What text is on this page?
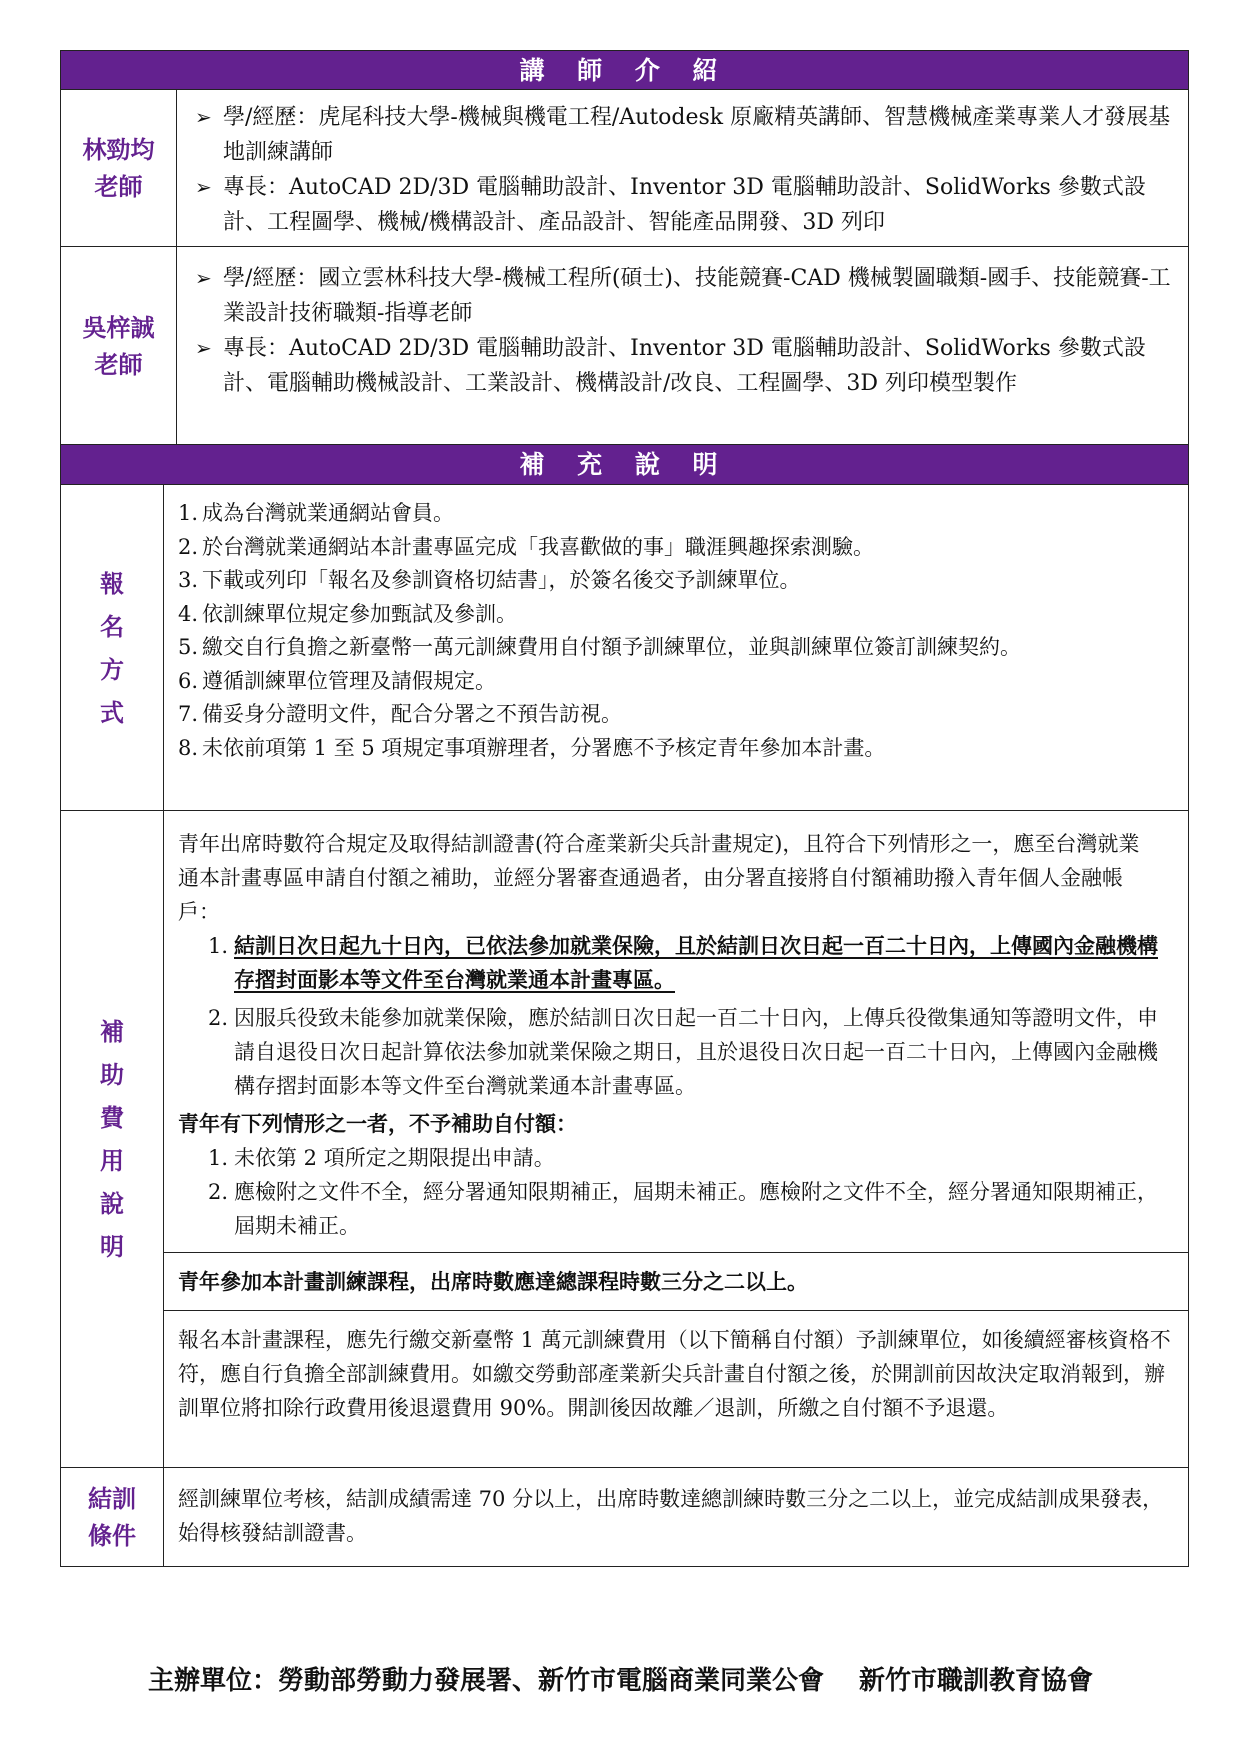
講 師 介 紹
林勁均
老師
➢ 學/經歷：虎尾科技大學-機械與機電工程/Autodesk 原廠精英講師、智慧機械產業專業人才發展基地訓練講師
➢ 專長：AutoCAD 2D/3D 電腦輔助設計、Inventor 3D 電腦輔助設計、SolidWorks 參數式設計、工程圖學、機械/機構設計、產品設計、智能產品開發、3D 列印
吳梓誠
老師
➢ 學/經歷：國立雲林科技大學-機械工程所(碩士)、技能競賽-CAD 機械製圖職類-國手、技能競賽-工業設計技術職類-指導老師
➢ 專長：AutoCAD 2D/3D 電腦輔助設計、Inventor 3D 電腦輔助設計、SolidWorks 參數式設計、電腦輔助機械設計、工業設計、機構設計/改良、工程圖學、3D 列印模型製作
補 充 說 明
報名方式
1. 成為台灣就業通網站會員。
2. 於台灣就業通網站本計畫專區完成「我喜歡做的事」職涯興趣探索測驗。
3. 下載或列印「報名及參訓資格切結書」，於簽名後交予訓練單位。
4. 依訓練單位規定參加甄試及參訓。
5. 繳交自行負擔之新臺幣一萬元訓練費用自付額予訓練單位，並與訓練單位簽訂訓練契約。
6. 遵循訓練單位管理及請假規定。
7. 備妥身分證明文件，配合分署之不預告訪視。
8. 未依前項第 1 至 5 項規定事項辦理者，分署應不予核定青年參加本計畫。
補助費用說明
青年出席時數符合規定及取得結訓證書(符合產業新尖兵計畫規定)，且符合下列情形之一，應至台灣就業通本計畫專區申請自付額之補助，並經分署審查通過者，由分署直接將自付額補助撥入青年個人金融帳戶：
1. 結訓日次日起九十日內，已依法參加就業保險，且於結訓日次日起一百二十日內，上傳國內金融機構存摺封面影本等文件至台灣就業通本計畫專區。
2. 因服兵役致未能參加就業保險，應於結訓日次日起一百二十日內，上傳兵役徵集通知等證明文件，申請自退役日次日起計算依法參加就業保險之期日，且於退役日次日起一百二十日內，上傳國內金融機構存摺封面影本等文件至台灣就業通本計畫專區。
青年有下列情形之一者，不予補助自付額：
1. 未依第 2 項所定之期限提出申請。
2. 應檢附之文件不全，經分署通知限期補正，屆期未補正。應檢附之文件不全，經分署通知限期補正，屆期未補正。
青年參加本計畫訓練課程，出席時數應達總課程時數三分之二以上。
報名本計畫課程，應先行繳交新臺幣 1 萬元訓練費用（以下簡稱自付額）予訓練單位，如後續經審核資格不符，應自行負擔全部訓練費用。如繳交勞動部產業新尖兵計畫自付額之後，於開訓前因故決定取消報到，辦訓單位將扣除行政費用後退還費用 90%。開訓後因故離／退訓，所繳之自付額不予退還。
結訓
條件
經訓練單位考核，結訓成績需達 70 分以上，出席時數達總訓練時數三分之二以上，並完成結訓成果發表，始得核發結訓證書。
主辦單位：勞動部勞動力發展署、新竹市電腦商業同業公會　 新竹市職訓教育協會
